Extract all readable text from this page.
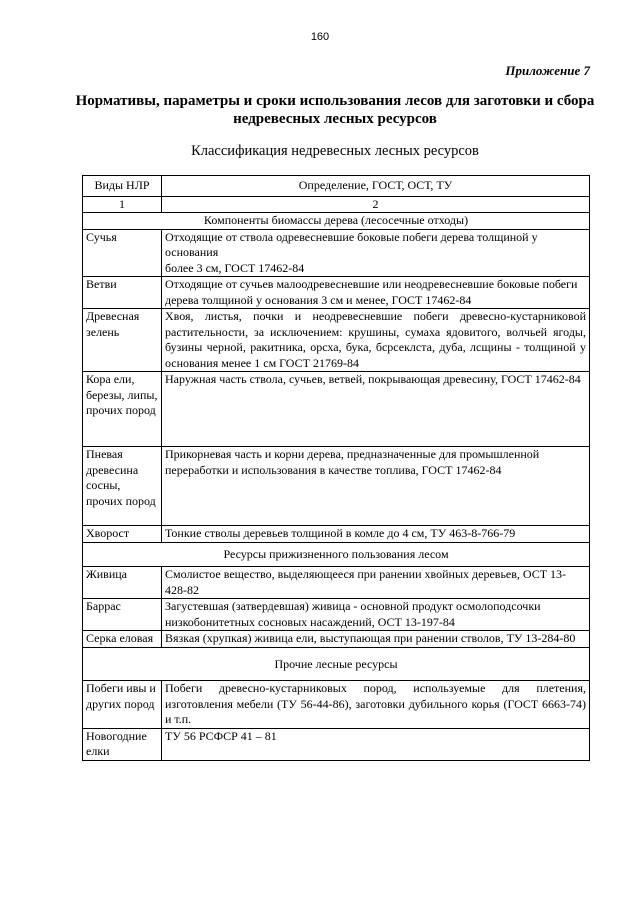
160
Приложение 7
Нормативы, параметры и сроки использования лесов для заготовки и сбора недревесных лесных ресурсов
Классификация недревесных лесных ресурсов
Виды НЛР	Определение, ГОСТ, ОСТ, ТУ
1	2
Компоненты биомассы дерева (лесосечные отходы)	
Сучья	Отходящие от ствола одревесневшие боковые побеги дерева толщиной у основания
более 3 см, ГОСТ 17462-84
Ветви	Отходящие от сучьев малоодревесневшие или неодревесневшие боковые побеги дерева толщиной у основания 3 см и менее, ГОСТ 17462-84
Древесная зелень	Хвоя, листья, почки и неодревесневшие побеги древесно-кустарниковой растительности, за исключением: крушины, сумаха ядовитого, волчьей ягоды, бузины черной, ракитника, орсха, бука, бсрсеклста, дуба, лсщины - толщиной у основания менее 1 см ГОСТ 21769-84
Кора ели, березы, липы, прочих пород	Наружная часть ствола, сучьев, ветвей, покрывающая древесину, ГОСТ 17462-84
Пневая древесина сосны, прочих пород	Прикорневая часть и корни дерева, предназначенные для промышленной переработки и использования в качестве топлива, ГОСТ 17462-84
Хворост	Тонкие стволы деревьев толщиной в комле до 4 см, ТУ 463-8-766-79
Ресурсы прижизненного пользования лесом	
Живица	Смолистое вещество, выделяющееся при ранении хвойных деревьев, ОСТ 13-428-82
Баррас	Загустевшая (затвердевшая) живица - основной продукт осмолоподсочки низкобонитетных сосновых насаждений, ОСТ 13-197-84
Серка еловая	Вязкая (хрупкая) живица ели, выступающая при ранении стволов, ТУ 13-284-80
Прочие лесные ресурсы	
Побеги ивы и других пород	Побеги древесно-кустарниковых пород, используемые для плетения, изготовления мебели (ТУ 56-44-86), заготовки дубильного корья (ГОСТ 6663-74) и т.п.
Новогодние елки	ТУ 56 РСФСР 41 – 81
